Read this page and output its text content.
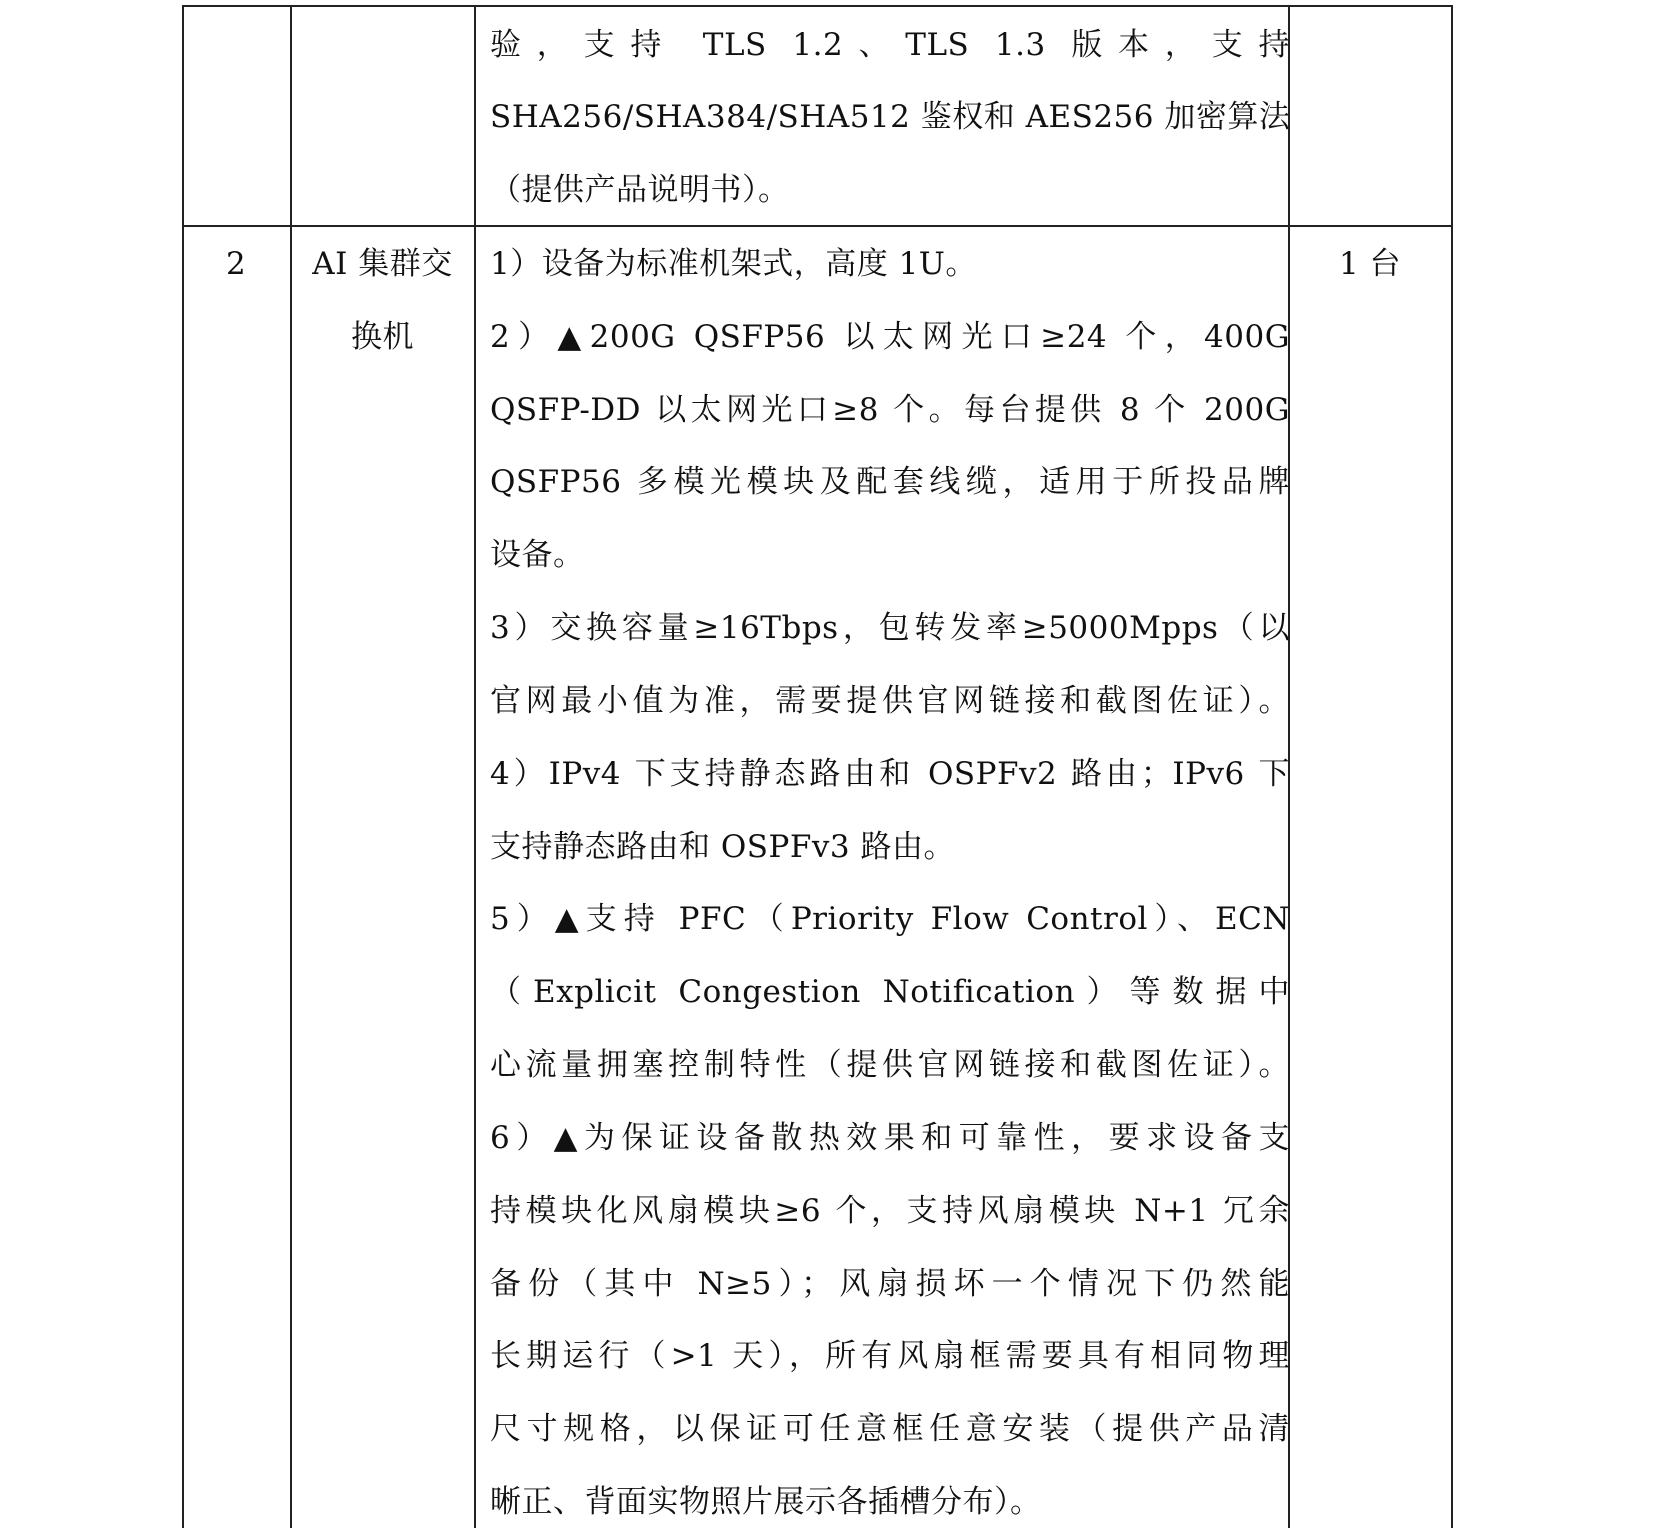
验，支持 TLS 1.2、TLS 1.3 版本，支持
SHA256/SHA384/SHA512 鉴权和 AES256 加密算法
（提供产品说明书）。
2 AI 集群交
换机
1 台
1）设备为标准机架式，高度 1U。
2）▲200G QSFP56 以太网光口≥24 个，400G
QSFP-DD 以太网光口≥8 个。每台提供 8 个 200G
QSFP56 多模光模块及配套线缆，适用于所投品牌
设备。
3）交换容量≥16Tbps，包转发率≥5000Mpps（以
官网最小值为准，需要提供官网链接和截图佐证）。
4）IPv4 下支持静态路由和 OSPFv2 路由；IPv6 下
支持静态路由和 OSPFv3 路由。
5）▲支持 PFC（Priority Flow Control）、ECN
（Explicit Congestion Notification）等数据中
心流量拥塞控制特性（提供官网链接和截图佐证）。
6）▲为保证设备散热效果和可靠性，要求设备支
持模块化风扇模块≥6 个，支持风扇模块 N+1 冗余
备份（其中 N≥5）；风扇损坏一个情况下仍然能
长期运行（>1 天），所有风扇框需要具有相同物理
尺寸规格，以保证可任意框任意安装（提供产品清
晰正、背面实物照片展示各插槽分布）。
